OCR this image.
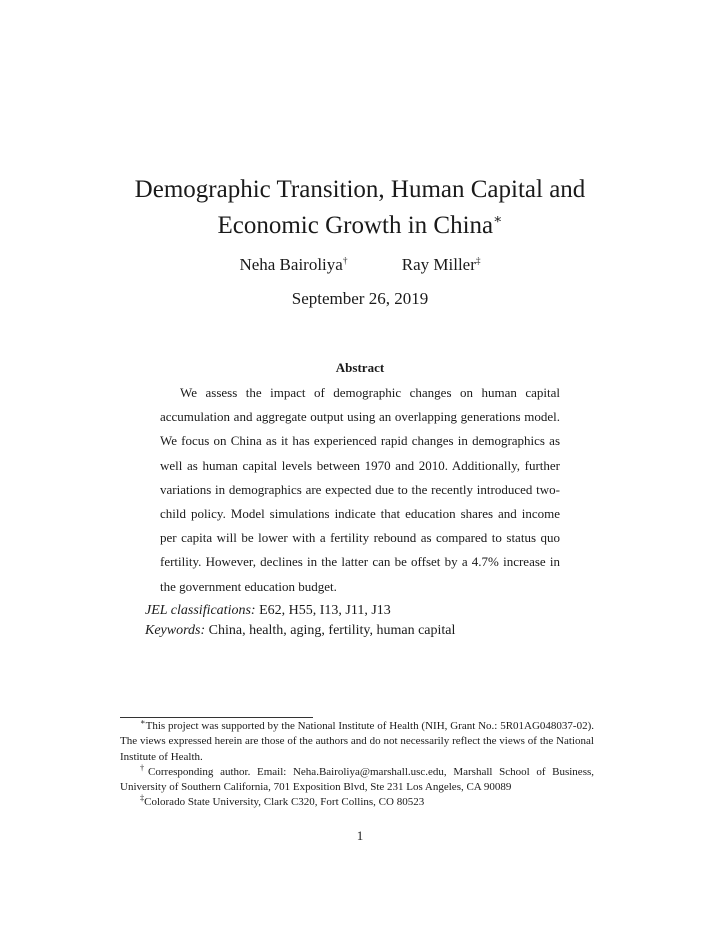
Demographic Transition, Human Capital and
Economic Growth in China∗
Neha Bairoliya†	Ray Miller‡
September 26, 2019
Abstract
We assess the impact of demographic changes on human capital accumulation and aggregate output using an overlapping generations model. We focus on China as it has experienced rapid changes in demographics as well as human capital levels between 1970 and 2010. Additionally, further variations in demographics are expected due to the recently introduced two-child policy. Model simulations indicate that education shares and income per capita will be lower with a fertility rebound as compared to status quo fertility. However, declines in the latter can be offset by a 4.7% increase in the government education budget.
JEL classifications: E62, H55, I13, J11, J13
Keywords: China, health, aging, fertility, human capital

∗This project was supported by the National Institute of Health (NIH, Grant No.: 5R01AG048037-02). The views expressed herein are those of the authors and do not necessarily reflect the views of the National Institute of Health.

†Corresponding author. Email: Neha.Bairoliya@marshall.usc.edu, Marshall School of Business, University of Southern California, 701 Exposition Blvd, Ste 231 Los Angeles, CA 90089

‡Colorado State University, Clark C320, Fort Collins, CO 80523

1
